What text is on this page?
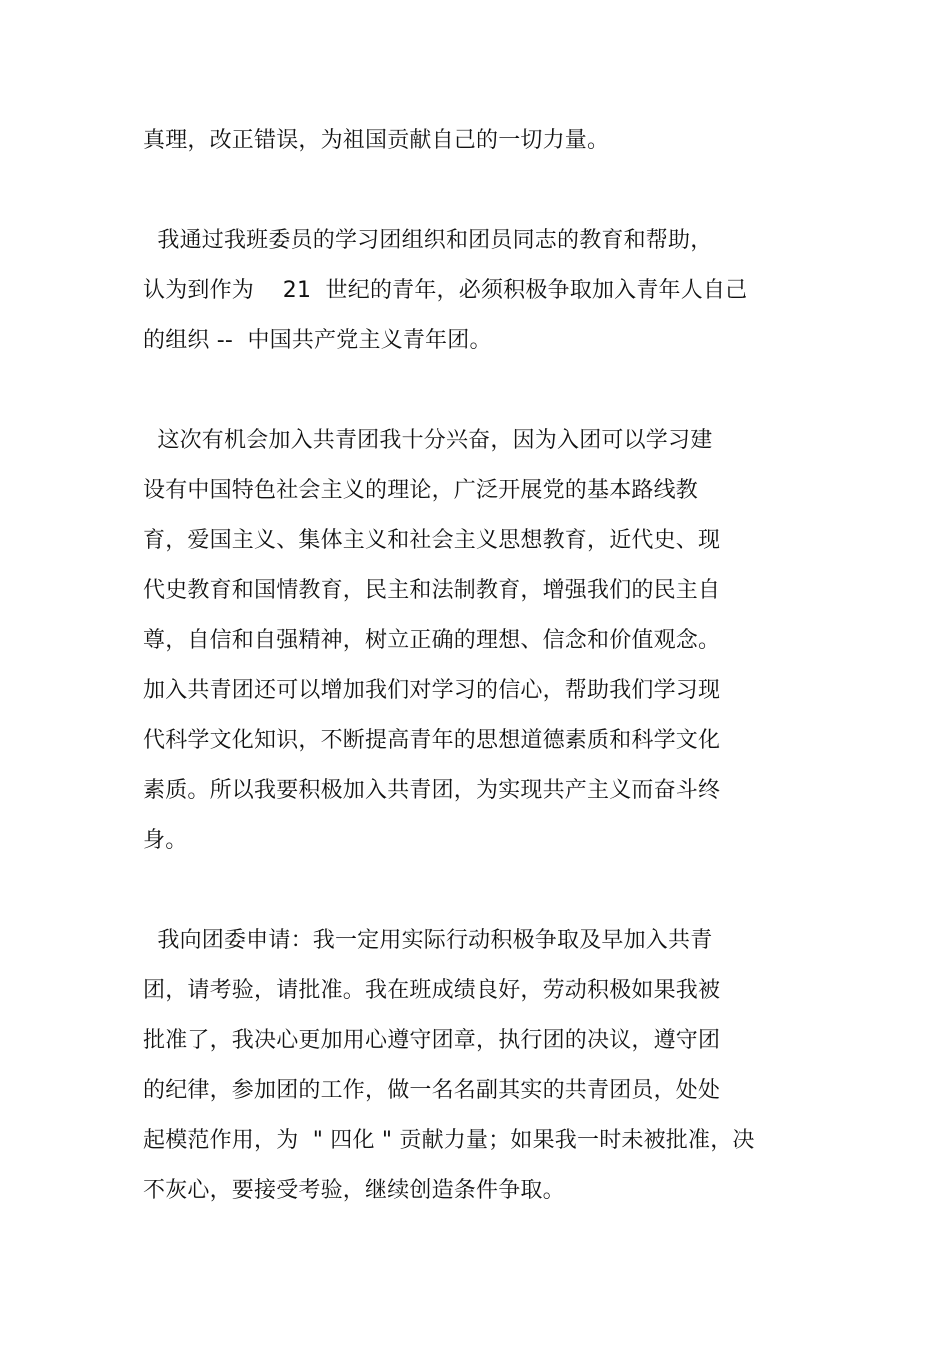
真理，改正错误，为祖国贡献自己的一切力量。
我通过我班委员的学习团组织和团员同志的教育和帮助，
认为到作为    21  世纪的青年，必须积极争取加入青年人自己
的组织 --  中国共产党主义青年团。
这次有机会加入共青团我十分兴奋，因为入团可以学习建
设有中国特色社会主义的理论，广泛开展党的基本路线教
育，爱国主义、集体主义和社会主义思想教育，近代史、现
代史教育和国情教育，民主和法制教育，增强我们的民主自
尊，自信和自强精神，树立正确的理想、信念和价值观念。
加入共青团还可以增加我们对学习的信心，帮助我们学习现
代科学文化知识，不断提高青年的思想道德素质和科学文化
素质。所以我要积极加入共青团，为实现共产主义而奋斗终
身。
我向团委申请：我一定用实际行动积极争取及早加入共青
团，请考验，请批准。我在班成绩良好，劳动积极如果我被
批准了，我决心更加用心遵守团章，执行团的决议，遵守团
的纪律，参加团的工作，做一名名副其实的共青团员，处处
起模范作用，为  " 四化 " 贡献力量；如果我一时未被批准，决
不灰心，要接受考验，继续创造条件争取。
